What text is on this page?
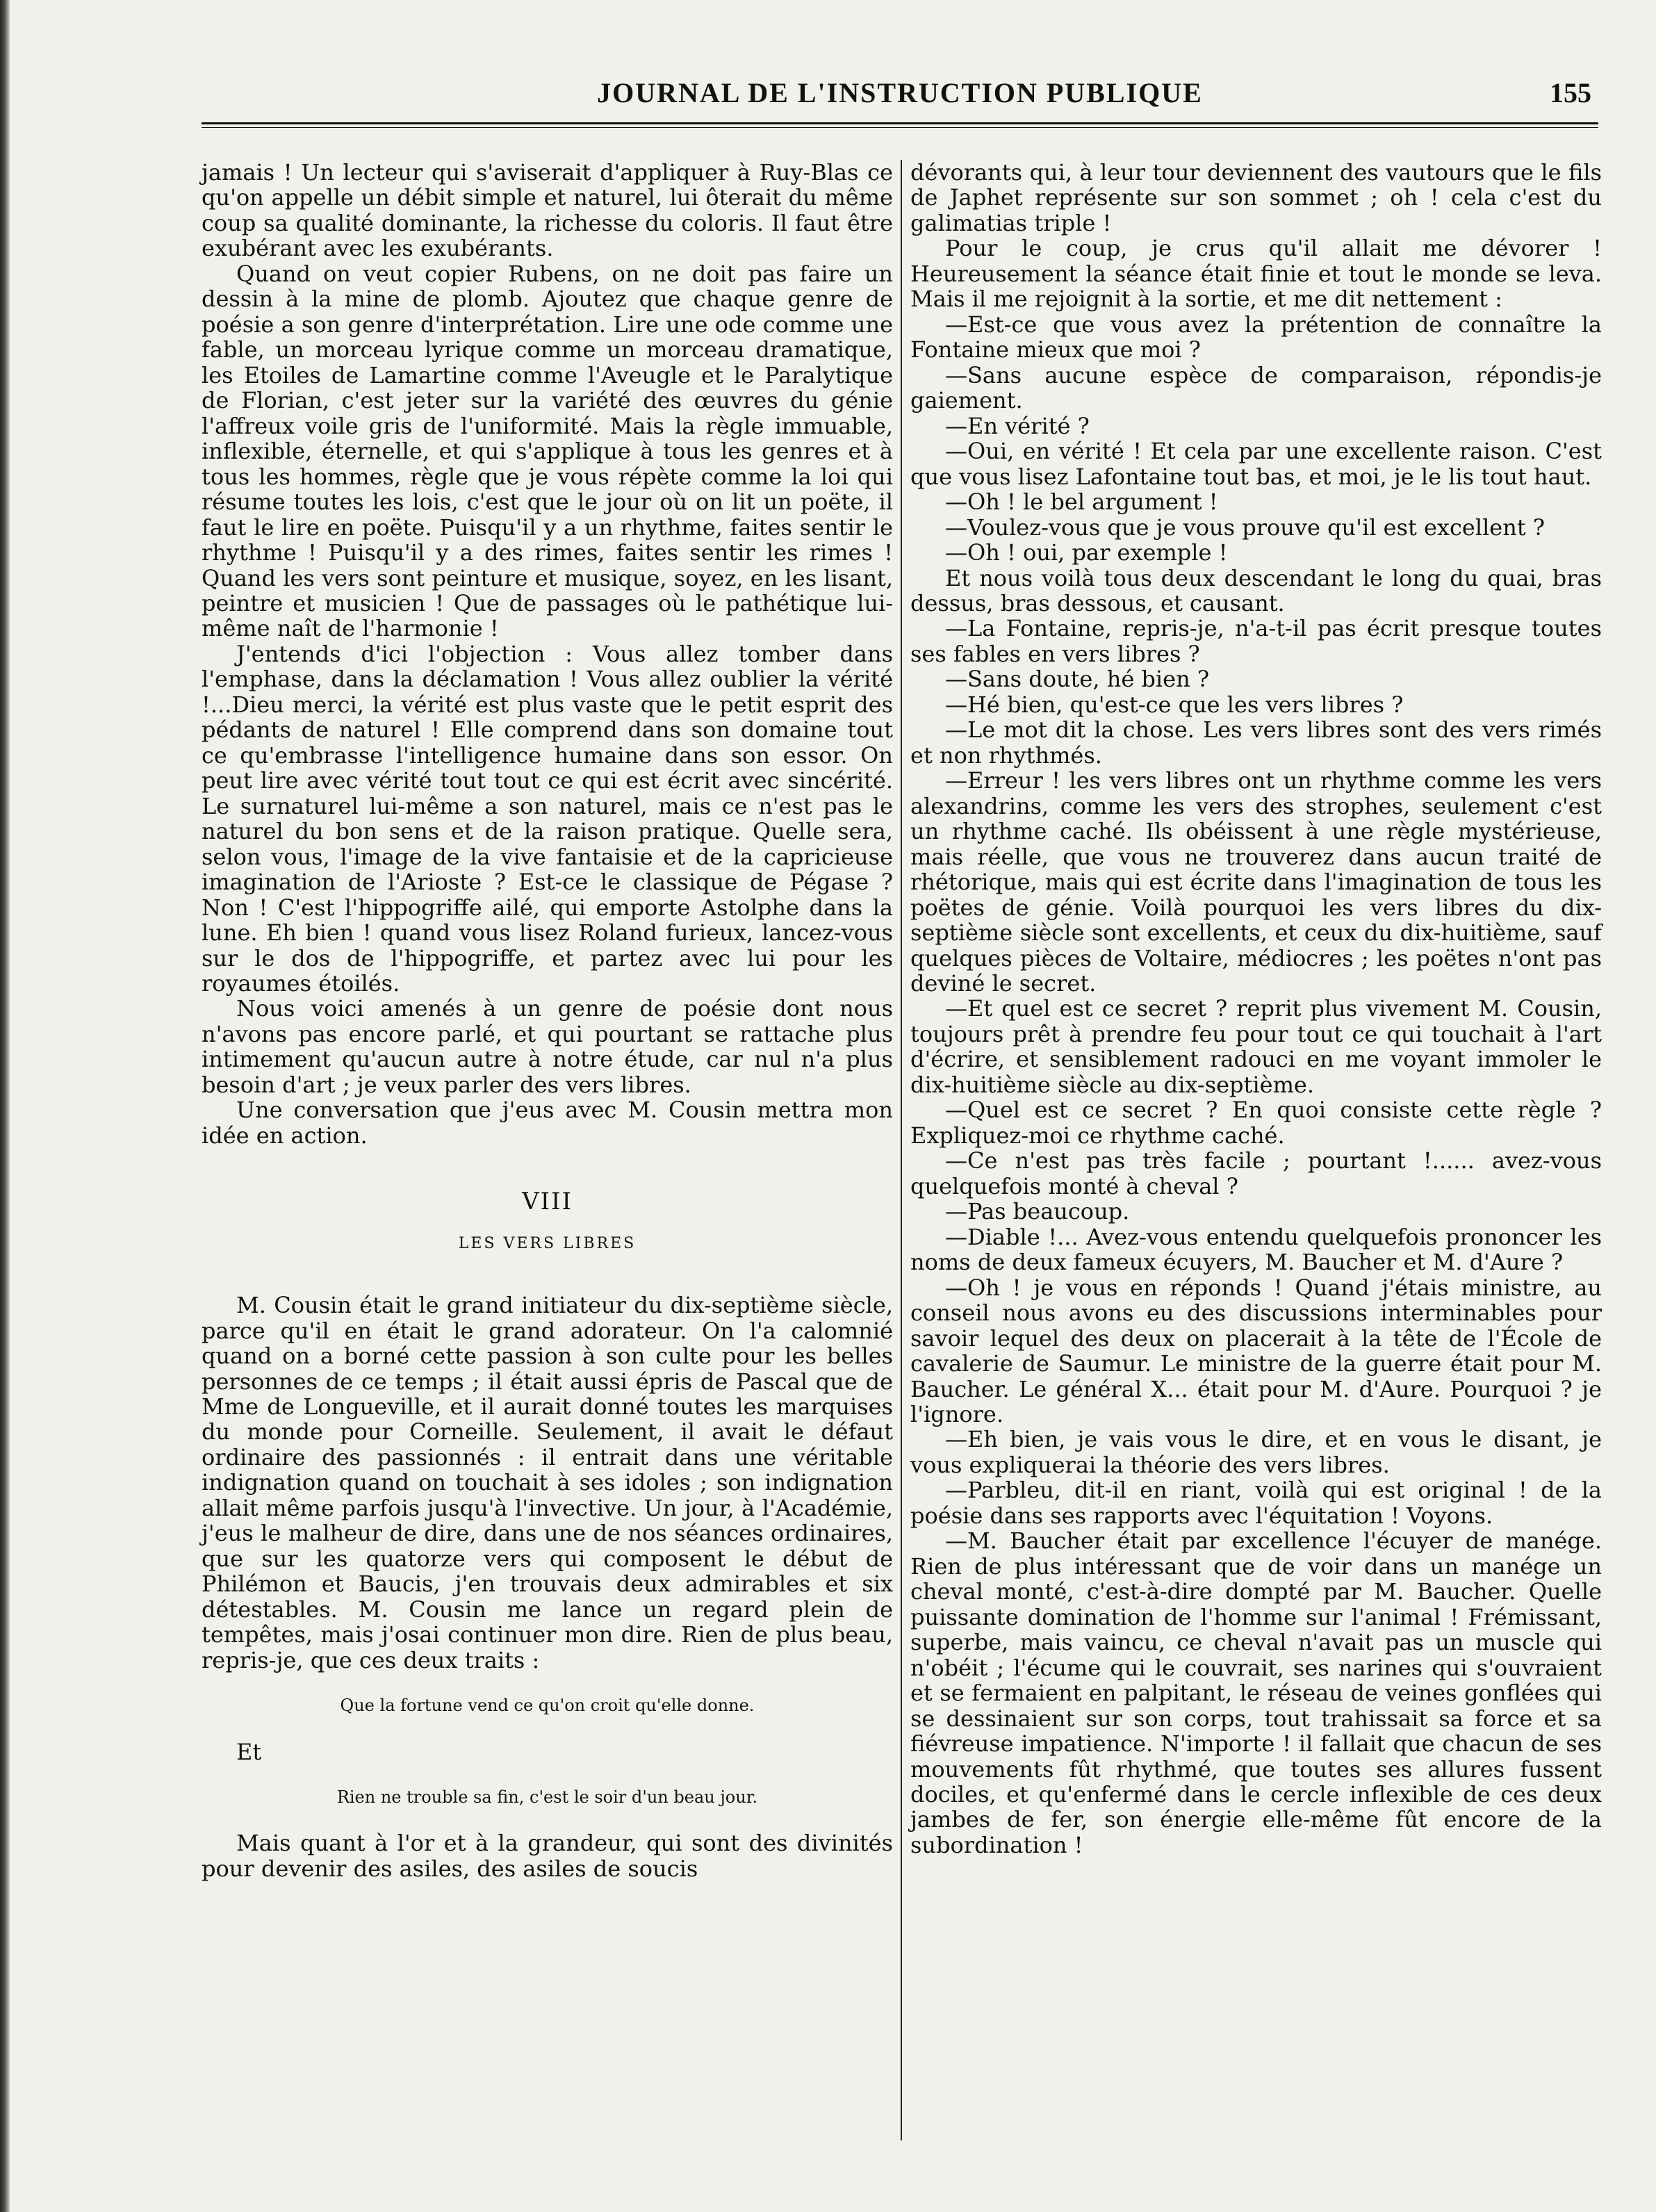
JOURNAL DE L'INSTRUCTION PUBLIQUE	155

jamais ! Un lecteur qui s'aviserait d'appliquer à Ruy-Blas ce qu'on appelle un débit simple et naturel, lui ôterait du même coup sa qualité dominante, la richesse du coloris. Il faut être exubérant avec les exubérants.

Quand on veut copier Rubens, on ne doit pas faire un dessin à la mine de plomb. Ajoutez que chaque genre de poésie a son genre d'interprétation. Lire une ode comme une fable, un morceau lyrique comme un morceau dramatique, les Etoiles de Lamartine comme l'Aveugle et le Paralytique de Florian, c'est jeter sur la variété des œuvres du génie l'affreux voile gris de l'uniformité. Mais la règle immuable, inflexible, éternelle, et qui s'applique à tous les genres et à tous les hommes, règle que je vous répète comme la loi qui résume toutes les lois, c'est que le jour où on lit un poëte, il faut le lire en poëte. Puisqu'il y a un rhythme, faites sentir le rhythme ! Puisqu'il y a des rimes, faites sentir les rimes ! Quand les vers sont peinture et musique, soyez, en les lisant, peintre et musicien ! Que de passages où le pathétique lui-même naît de l'harmonie !

J'entends d'ici l'objection : Vous allez tomber dans l'emphase, dans la déclamation ! Vous allez oublier la vérité !...Dieu merci, la vérité est plus vaste que le petit esprit des pédants de naturel ! Elle comprend dans son domaine tout ce qu'embrasse l'intelligence humaine dans son essor. On peut lire avec vérité tout tout ce qui est écrit avec sincérité. Le surnaturel lui-même a son naturel, mais ce n'est pas le naturel du bon sens et de la raison pratique. Quelle sera, selon vous, l'image de la vive fantaisie et de la capricieuse imagination de l'Arioste ? Est-ce le classique de Pégase ? Non ! C'est l'hippogriffe ailé, qui emporte Astolphe dans la lune. Eh bien ! quand vous lisez Roland furieux, lancez-vous sur le dos de l'hippogriffe, et partez avec lui pour les royaumes étoilés.

Nous voici amenés à un genre de poésie dont nous n'avons pas encore parlé, et qui pourtant se rattache plus intimement qu'aucun autre à notre étude, car nul n'a plus besoin d'art ; je veux parler des vers libres.

Une conversation que j'eus avec M. Cousin mettra mon idée en action.

VIII
LES VERS LIBRES

M. Cousin était le grand initiateur du dix-septième siècle, parce qu'il en était le grand adorateur. On l'a calomnié quand on a borné cette passion à son culte pour les belles personnes de ce temps ; il était aussi épris de Pascal que de Mme de Longueville, et il aurait donné toutes les marquises du monde pour Corneille. Seulement, il avait le défaut ordinaire des passionnés : il entrait dans une véritable indignation quand on touchait à ses idoles ; son indignation allait même parfois jusqu'à l'invective. Un jour, à l'Académie, j'eus le malheur de dire, dans une de nos séances ordinaires, que sur les quatorze vers qui composent le début de Philémon et Baucis, j'en trouvais deux admirables et six détestables. M. Cousin me lance un regard plein de tempêtes, mais j'osai continuer mon dire. Rien de plus beau, repris-je, que ces deux traits :

Que la fortune vend ce qu'on croit qu'elle donne.

Et

Rien ne trouble sa fin, c'est le soir d'un beau jour.

Mais quant à l'or et à la grandeur, qui sont des divinités pour devenir des asiles, des asiles de soucis

dévorants qui, à leur tour deviennent des vautours que le fils de Japhet représente sur son sommet ; oh ! cela c'est du galimatias triple !

Pour le coup, je crus qu'il allait me dévorer ! Heureusement la séance était finie et tout le monde se leva. Mais il me rejoignit à la sortie, et me dit nettement :

—Est-ce que vous avez la prétention de connaître la Fontaine mieux que moi ?

—Sans aucune espèce de comparaison, répondis-je gaiement.

—En vérité ?

—Oui, en vérité ! Et cela par une excellente raison. C'est que vous lisez Lafontaine tout bas, et moi, je le lis tout haut.

—Oh ! le bel argument !

—Voulez-vous que je vous prouve qu'il est excellent ?

—Oh ! oui, par exemple !

Et nous voilà tous deux descendant le long du quai, bras dessus, bras dessous, et causant.

—La Fontaine, repris-je, n'a-t-il pas écrit presque toutes ses fables en vers libres ?

—Sans doute, hé bien ?

—Hé bien, qu'est-ce que les vers libres ?

—Le mot dit la chose. Les vers libres sont des vers rimés et non rhythmés.

—Erreur ! les vers libres ont un rhythme comme les vers alexandrins, comme les vers des strophes, seulement c'est un rhythme caché. Ils obéissent à une règle mystérieuse, mais réelle, que vous ne trouverez dans aucun traité de rhétorique, mais qui est écrite dans l'imagination de tous les poëtes de génie. Voilà pourquoi les vers libres du dix-septième siècle sont excellents, et ceux du dix-huitième, sauf quelques pièces de Voltaire, médiocres ; les poëtes n'ont pas deviné le secret.

—Et quel est ce secret ? reprit plus vivement M. Cousin, toujours prêt à prendre feu pour tout ce qui touchait à l'art d'écrire, et sensiblement radouci en me voyant immoler le dix-huitième siècle au dix-septième.

—Quel est ce secret ? En quoi consiste cette règle ? Expliquez-moi ce rhythme caché.

—Ce n'est pas très facile ; pourtant !...... avez-vous quelquefois monté à cheval ?

—Pas beaucoup.

—Diable !... Avez-vous entendu quelquefois prononcer les noms de deux fameux écuyers, M. Baucher et M. d'Aure ?

—Oh ! je vous en réponds ! Quand j'étais ministre, au conseil nous avons eu des discussions interminables pour savoir lequel des deux on placerait à la tête de l'École de cavalerie de Saumur. Le ministre de la guerre était pour M. Baucher. Le général X... était pour M. d'Aure. Pourquoi ? je l'ignore.

—Eh bien, je vais vous le dire, et en vous le disant, je vous expliquerai la théorie des vers libres.

—Parbleu, dit-il en riant, voilà qui est original ! de la poésie dans ses rapports avec l'équitation ! Voyons.

—M. Baucher était par excellence l'écuyer de manége. Rien de plus intéressant que de voir dans un manége un cheval monté, c'est-à-dire dompté par M. Baucher. Quelle puissante domination de l'homme sur l'animal ! Frémissant, superbe, mais vaincu, ce cheval n'avait pas un muscle qui n'obéit ; l'écume qui le couvrait, ses narines qui s'ouvraient et se fermaient en palpitant, le réseau de veines gonflées qui se dessinaient sur son corps, tout trahissait sa force et sa fiévreuse impatience. N'importe ! il fallait que chacun de ses mouvements fût rhythmé, que toutes ses allures fussent dociles, et qu'enfermé dans le cercle inflexible de ces deux jambes de fer, son énergie elle-même fût encore de la subordination !
